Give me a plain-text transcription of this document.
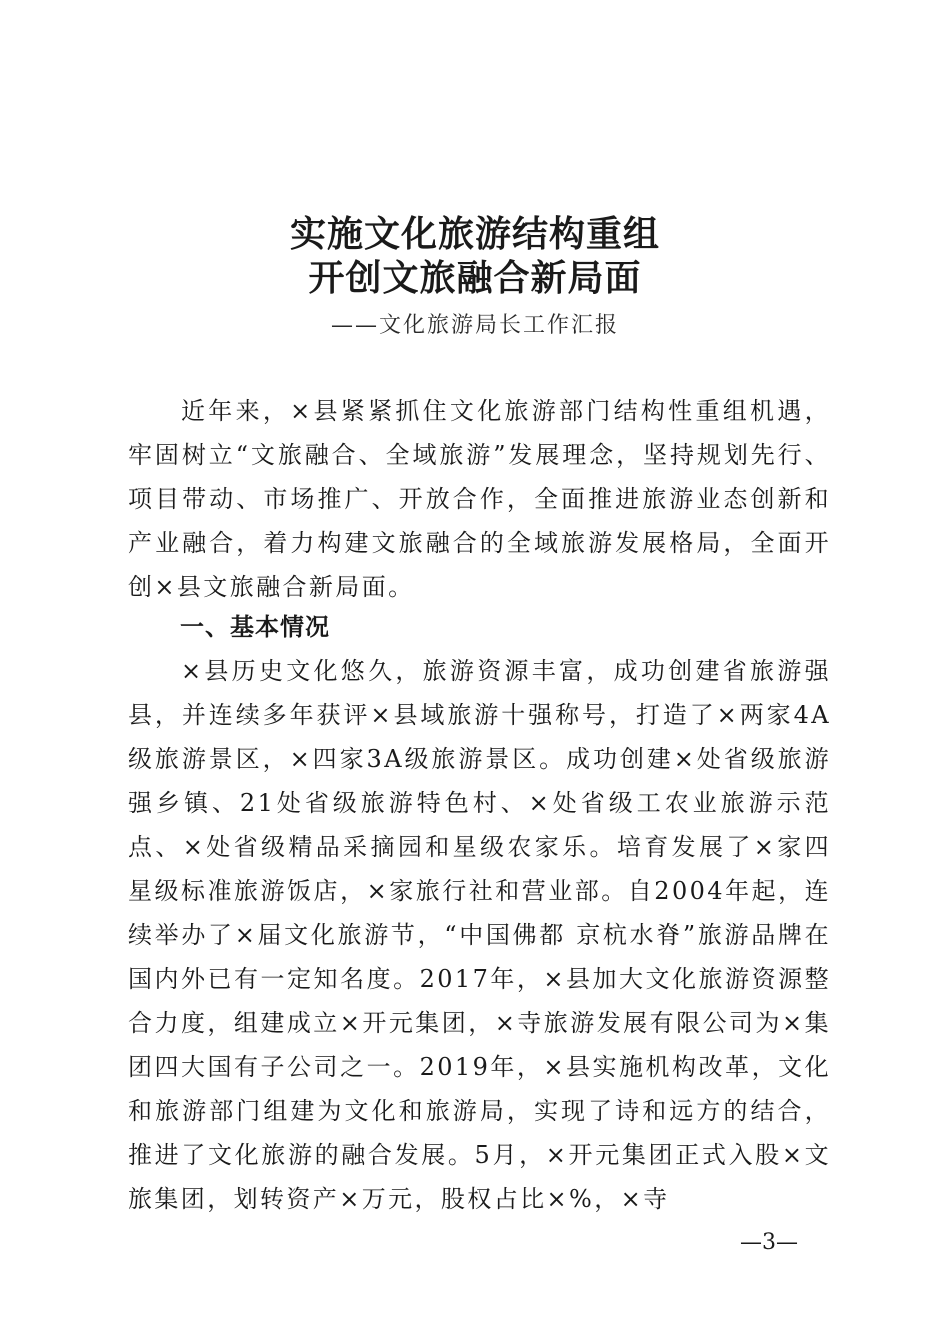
实施文化旅游结构重组
开创文旅融合新局面
——文化旅游局长工作汇报

近年来，×县紧紧抓住文化旅游部门结构性重组机遇，牢固树立“文旅融合、全域旅游”发展理念，坚持规划先行、项目带动、市场推广、开放合作，全面推进旅游业态创新和产业融合，着力构建文旅融合的全域旅游发展格局，全面开创×县文旅融合新局面。

一、基本情况

×县历史文化悠久，旅游资源丰富，成功创建省旅游强县，并连续多年获评×县域旅游十强称号，打造了×两家4A级旅游景区，×四家3A级旅游景区。成功创建×处省级旅游强乡镇、21处省级旅游特色村、×处省级工农业旅游示范点、×处省级精品采摘园和星级农家乐。培育发展了×家四星级标准旅游饭店，×家旅行社和营业部。自2004年起，连续举办了×届文化旅游节，“中国佛都 京杭水脊”旅游品牌在国内外已有一定知名度。2017年，×县加大文化旅游资源整合力度，组建成立×开元集团，×寺旅游发展有限公司为×集团四大国有子公司之一。2019年，×县实施机构改革，文化和旅游部门组建为文化和旅游局，实现了诗和远方的结合，推进了文化旅游的融合发展。5月，×开元集团正式入股×文旅集团，划转资产×万元，股权占比×%，×寺

—3—
